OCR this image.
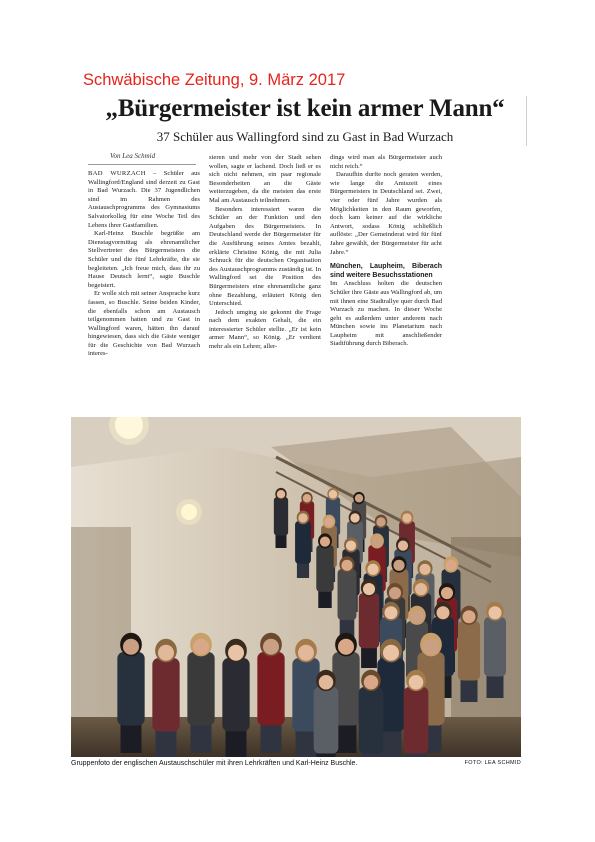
Schwäbische Zeitung, 9. März 2017
„Bürgermeister ist kein armer Mann“
37 Schüler aus Wallingford sind zu Gast in Bad Wurzach
Von Lea Schmid

BAD WURZACH – Schüler aus Wallingford/England sind derzeit zu Gast in Bad Wurzach. Die 37 Jugendlichen sind im Rahmen des Austauschprogramms des Gymnasiums Salvatorkolleg für eine Woche Teil des Lebens ihrer Gastfamilien.

Karl-Heinz Buschle begrüßte am Dienstagvormittag als ehrenamtlicher Stellvertreter des Bürgermeisters die Schüler und die fünf Lehrkräfte, die sie begleiteten. „Ich freue mich, dass ihr zu Hause Deutsch lernt“, sagte Buschle begeistert.

Er wolle sich mit seiner Ansprache kurz fassen, so Buschle. Seine beiden Kinder, die ebenfalls schon am Austausch teilgenommen hatten und zu Gast in Wallingford waren, hätten ihn darauf hingewiesen, dass sich die Gäste weniger für die Geschichte von Bad Wurzach interes-

sieren und mehr von der Stadt sehen wollen, sagte er lachend. Doch ließ er es sich nicht nehmen, ein paar regionale Besonderheiten an die Gäste weiterzugeben, da die meisten das erste Mal am Austausch teilnehmen.

Besonders interessiert waren die Schüler an der Funktion und den Aufgaben des Bürgermeisters. In Deutschland werde der Bürgermeister für die Ausführung seines Amtes bezahlt, erklärte Christine König, die mit Julia Schnuck für die deutschen Organisation des Austauschprogramms zuständig ist. In Wallingford sei die Position des Bürgermeisters eine ehrenamtliche ganz ohne Bezahlung, erläutert König den Unterschied.

Jedoch umging sie gekonnt die Frage nach dem exakten Gehalt, die ein interessierter Schüler stellte. „Er ist kein armer Mann“, so König. „Er verdient mehr als ein Lehrer, aller-

dings wird man als Bürgermeister auch nicht reich.“

Daraufhin durfte noch geraten werden, wie lange die Amtszeit eines Bürgermeisters in Deutschland sei. Zwei, vier oder fünf Jahre wurden als Möglichkeiten in den Raum geworfen, doch kam keiner auf die wirkliche Antwort, sodass König schließlich auflöste: „Der Gemeinderat wird für fünf Jahre gewählt, der Bürgermeister für acht Jahre.“

München, Laupheim, Biberach sind weitere Besuchsstationen

Im Anschluss holten die deutschen Schüler ihre Gäste aus Wallingford ab, um mit ihnen eine Stadtrallye quer durch Bad Wurzach zu machen. In dieser Woche geht es außerdem unter anderem nach München sowie ins Planetarium nach Laupheim mit anschließender Stadtführung durch Biberach.

Gruppenfoto der englischen Austauschschüler mit ihren Lehrkräften und Karl-Heinz Buschle.	FOTO: LEA SCHMID
